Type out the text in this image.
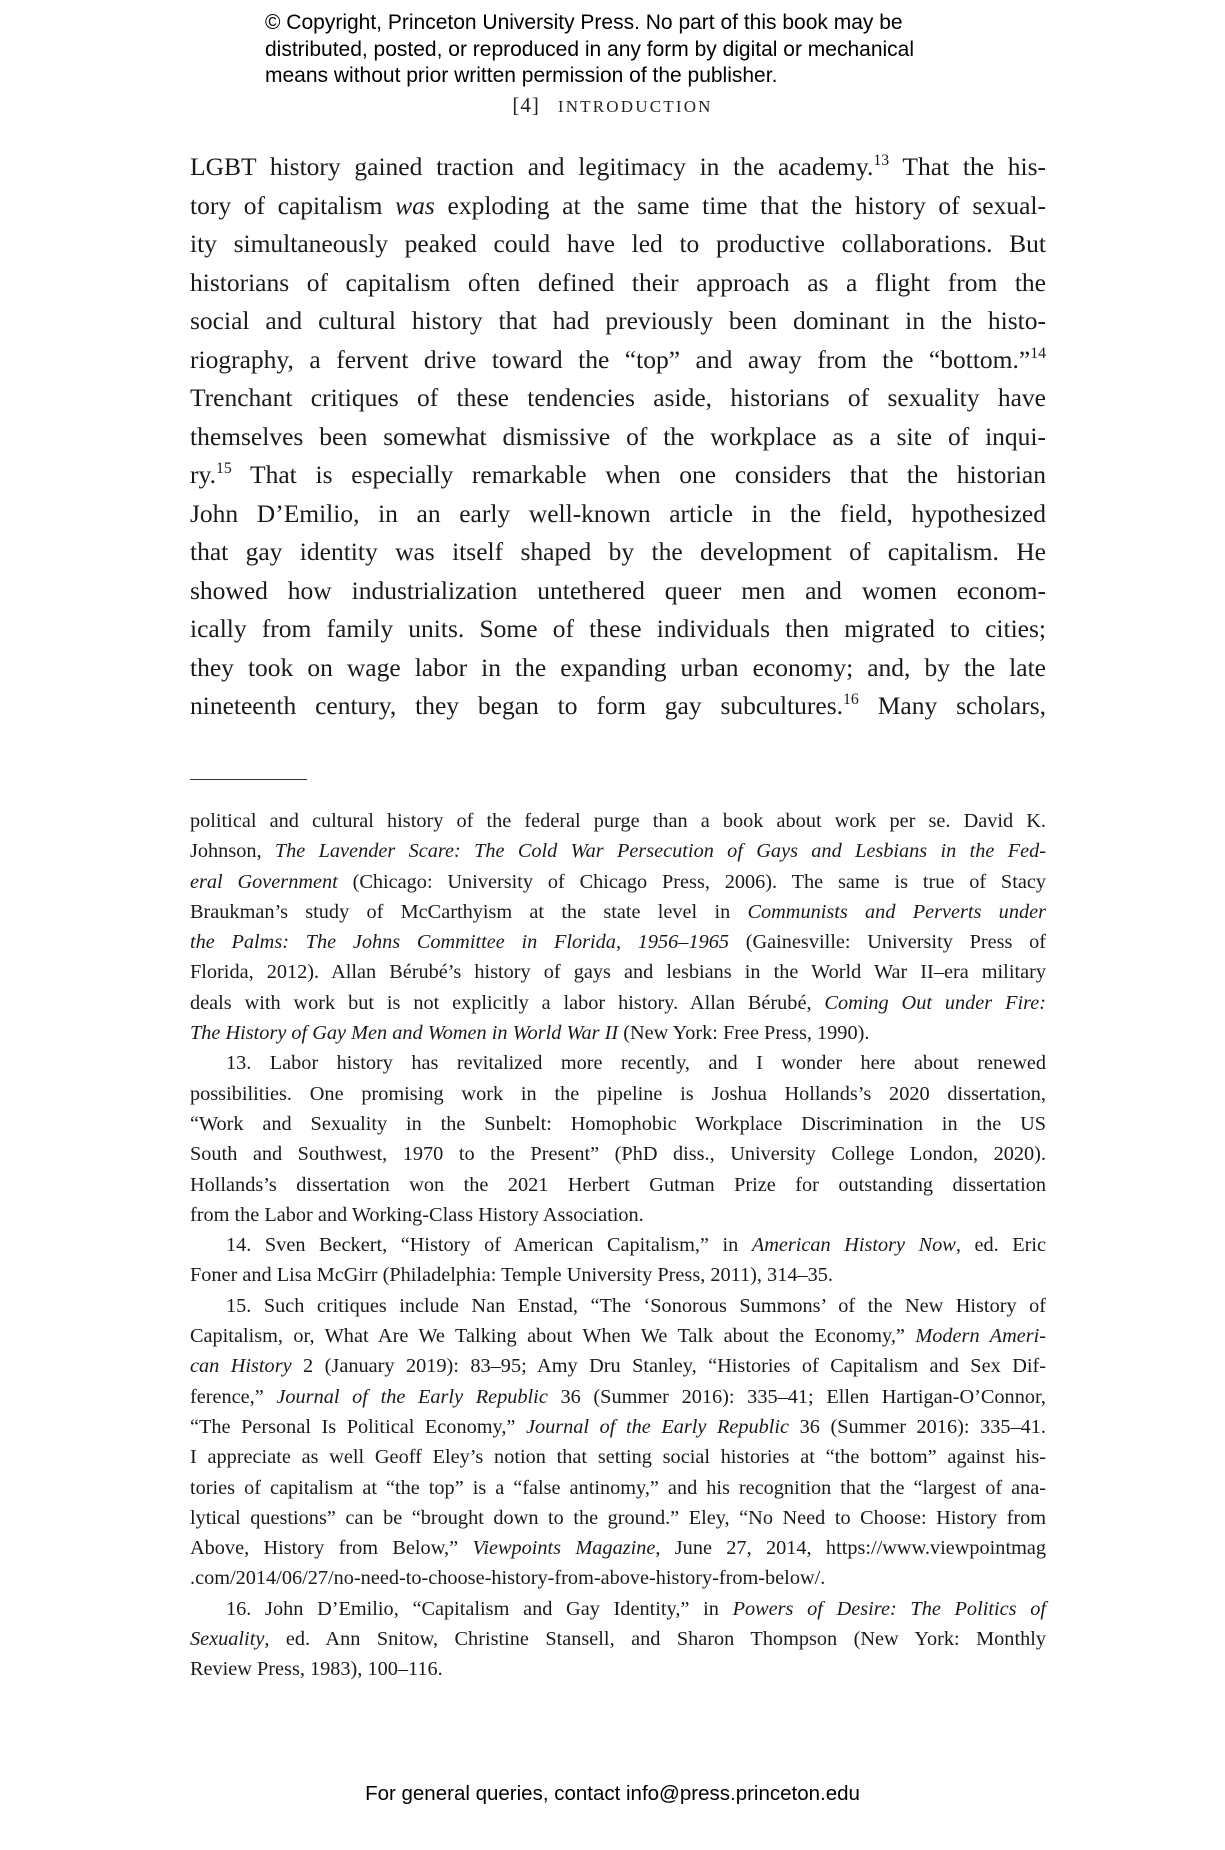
© Copyright, Princeton University Press. No part of this book may be
distributed, posted, or reproduced in any form by digital or mechanical
means without prior written permission of the publisher.
[4] INTRODUCTION
LGBT history gained traction and legitimacy in the academy.$^{13}$ That the his-
tory of capitalism was exploding at the same time that the history of sexual-
ity simultaneously peaked could have led to productive collaborations. But
historians of capitalism often defined their approach as a flight from the
social and cultural history that had previously been dominant in the histo-
riography, a fervent drive toward the “top” and away from the “bottom.”$^{14}$
Trenchant critiques of these tendencies aside, historians of sexuality have
themselves been somewhat dismissive of the workplace as a site of inqui-
ry.$^{15}$ That is especially remarkable when one considers that the historian
John D’Emilio, in an early well-known article in the field, hypothesized
that gay identity was itself shaped by the development of capitalism. He
showed how industrialization untethered queer men and women econom-
ically from family units. Some of these individuals then migrated to cities;
they took on wage labor in the expanding urban economy; and, by the late
nineteenth century, they began to form gay subcultures.$^{16}$ Many scholars,
political and cultural history of the federal purge than a book about work per se. David K.
Johnson, The Lavender Scare: The Cold War Persecution of Gays and Lesbians in the Fed-
eral Government (Chicago: University of Chicago Press, 2006). The same is true of Stacy
Braukman’s study of McCarthyism at the state level in Communists and Perverts under
the Palms: The Johns Committee in Florida, 1956–1965 (Gainesville: University Press of
Florida, 2012). Allan Bérubé’s history of gays and lesbians in the World War II–era military
deals with work but is not explicitly a labor history. Allan Bérubé, Coming Out under Fire:
The History of Gay Men and Women in World War II (New York: Free Press, 1990).
13. Labor history has revitalized more recently, and I wonder here about renewed
possibilities. One promising work in the pipeline is Joshua Hollands’s 2020 dissertation,
“Work and Sexuality in the Sunbelt: Homophobic Workplace Discrimination in the US
South and Southwest, 1970 to the Present” (PhD diss., University College London, 2020).
Hollands’s dissertation won the 2021 Herbert Gutman Prize for outstanding dissertation
from the Labor and Working-Class History Association.
14. Sven Beckert, “History of American Capitalism,” in American History Now, ed. Eric
Foner and Lisa McGirr (Philadelphia: Temple University Press, 2011), 314–35.
15. Such critiques include Nan Enstad, “The ‘Sonorous Summons’ of the New History of
Capitalism, or, What Are We Talking about When We Talk about the Economy,” Modern Ameri-
can History 2 (January 2019): 83–95; Amy Dru Stanley, “Histories of Capitalism and Sex Dif-
ference,” Journal of the Early Republic 36 (Summer 2016): 335–41; Ellen Hartigan-O’Connor,
“The Personal Is Political Economy,” Journal of the Early Republic 36 (Summer 2016): 335–41.
I appreciate as well Geoff Eley’s notion that setting social histories at “the bottom” against his-
tories of capitalism at “the top” is a “false antinomy,” and his recognition that the “largest of ana-
lytical questions” can be “brought down to the ground.” Eley, “No Need to Choose: History from
Above, History from Below,” Viewpoints Magazine, June 27, 2014, https://www.viewpointmag
.com/2014/06/27/no-need-to-choose-history-from-above-history-from-below/.
16. John D’Emilio, “Capitalism and Gay Identity,” in Powers of Desire: The Politics of
Sexuality, ed. Ann Snitow, Christine Stansell, and Sharon Thompson (New York: Monthly
Review Press, 1983), 100–116.
For general queries, contact info@press.princeton.edu
